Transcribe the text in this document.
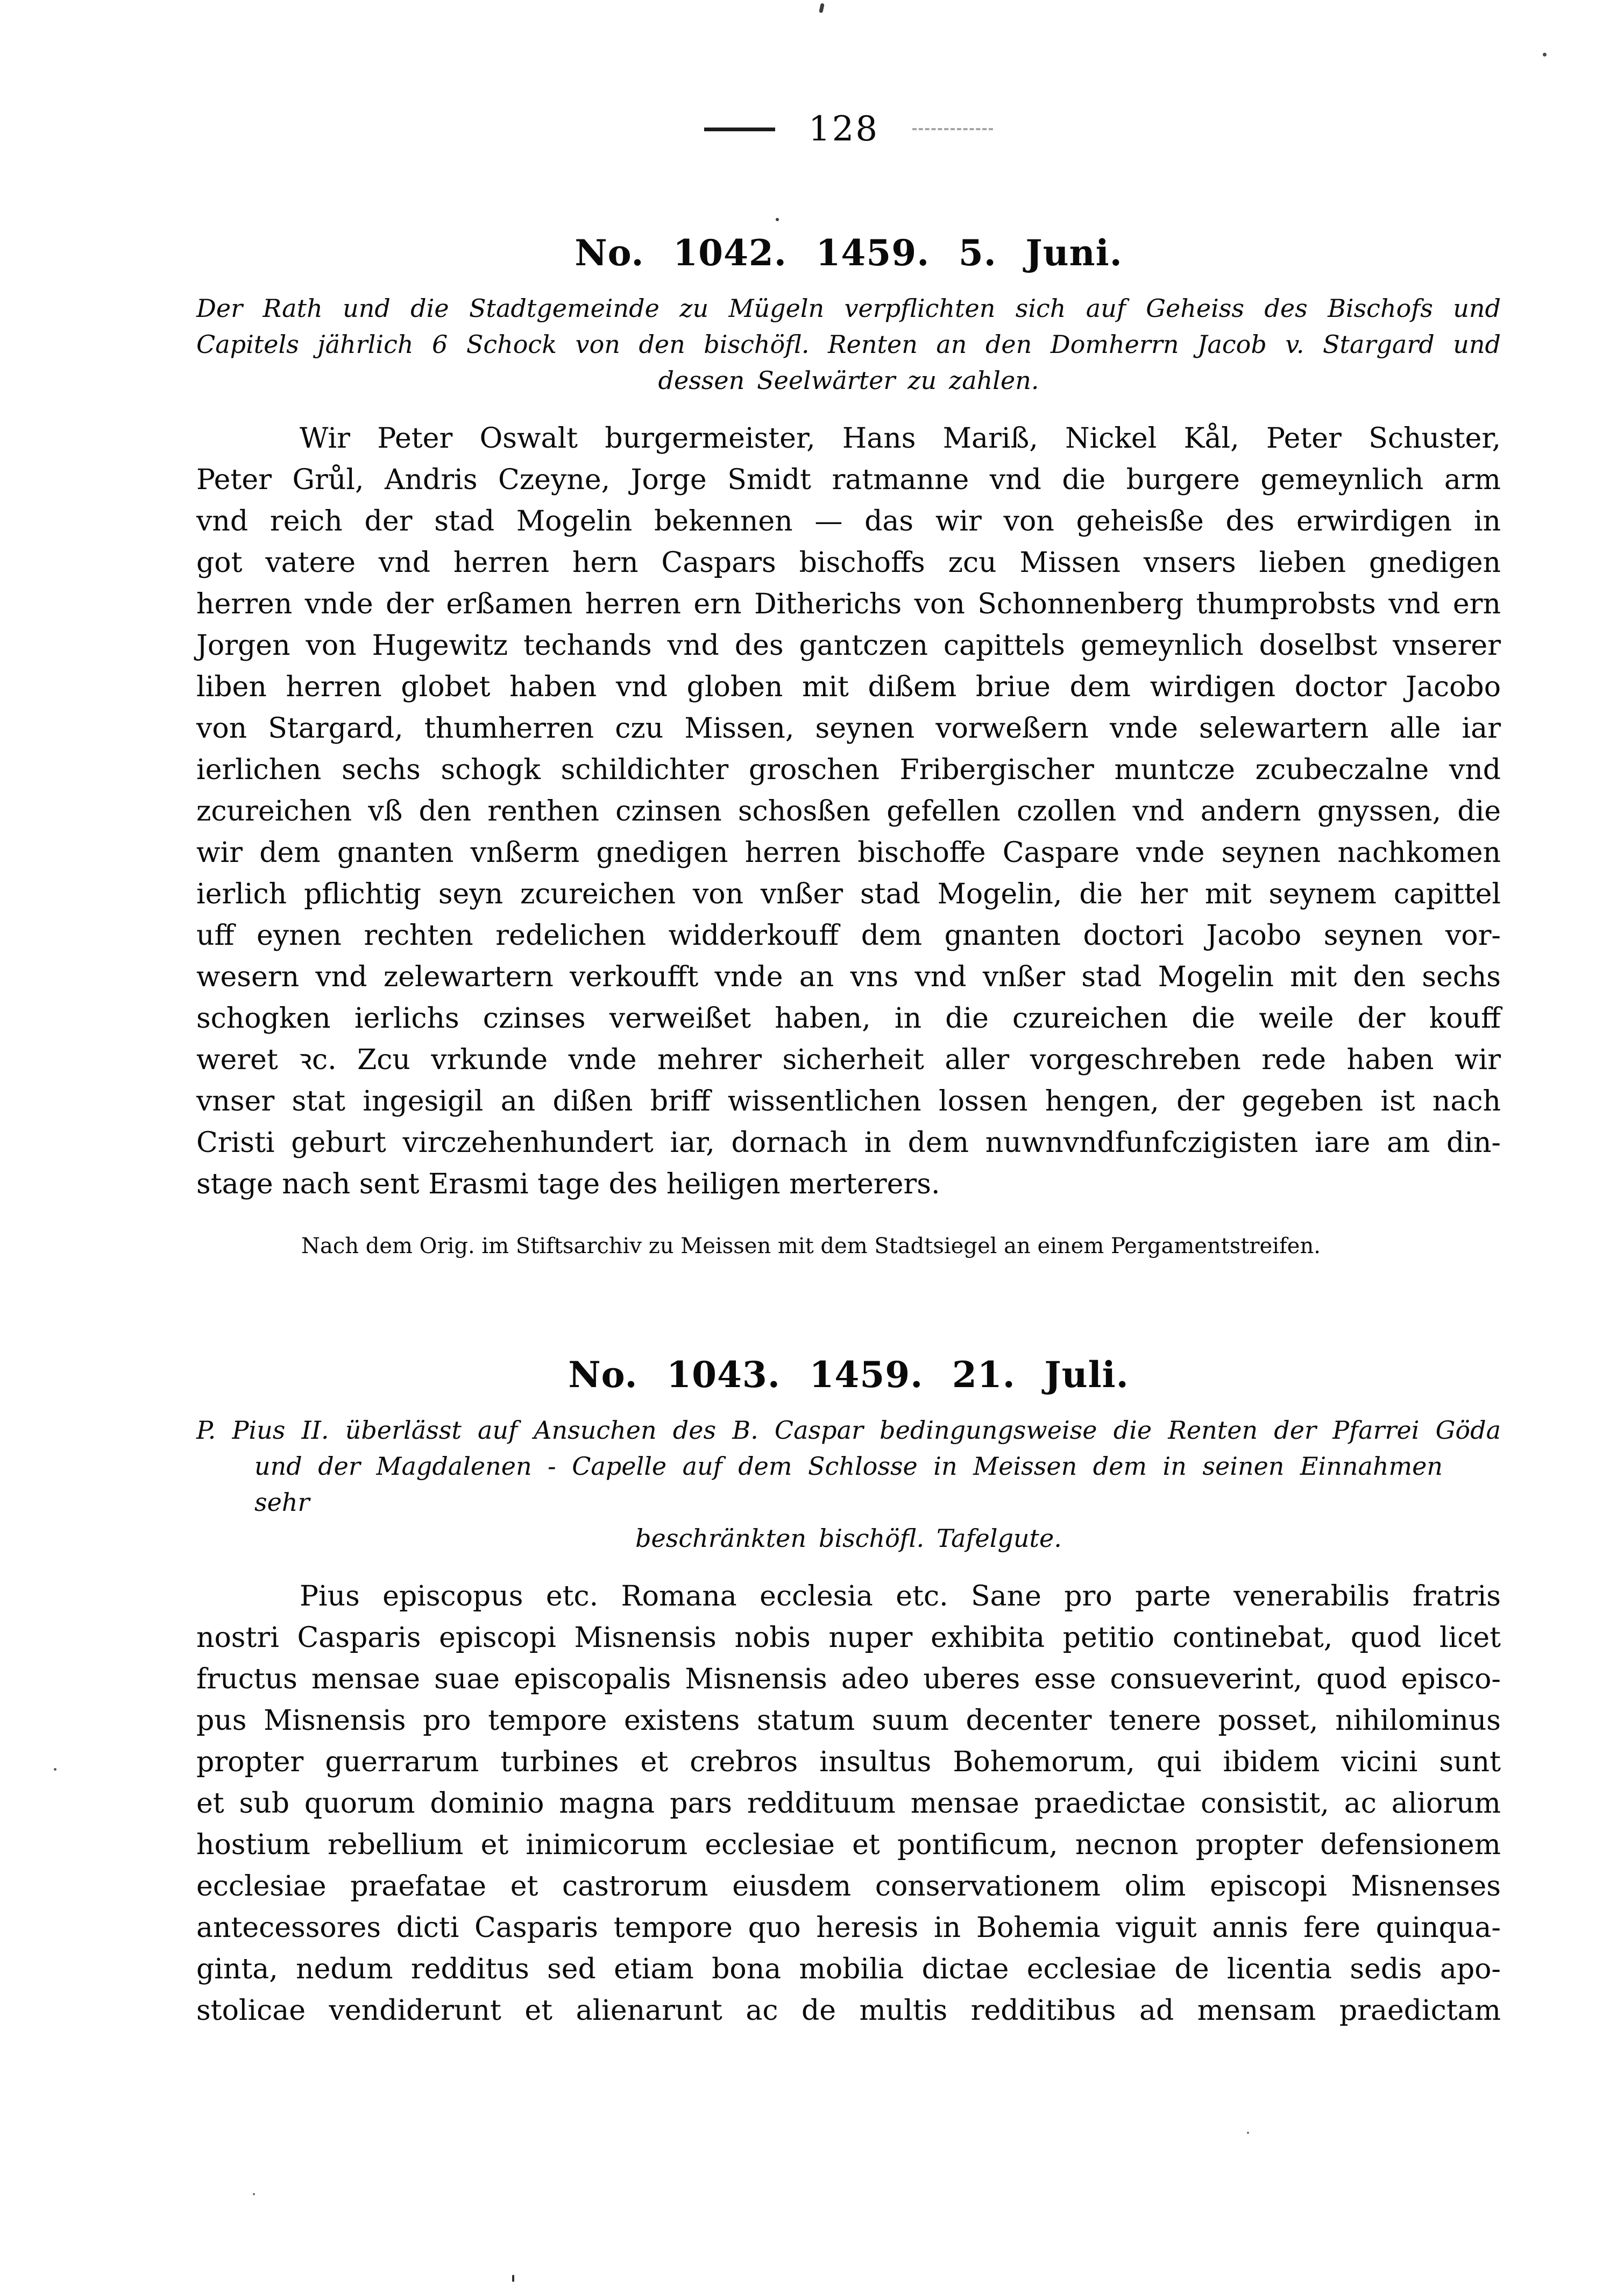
128
No. 1042. 1459. 5. Juni.
Der Rath und die Stadtgemeinde zu Mügeln verpflichten sich auf Geheiss des Bischofs und
Capitels jährlich 6 Schock von den bischöfl. Renten an den Domherrn Jacob v. Stargard und
dessen Seelwärter zu zahlen.
Wir Peter Oswalt burgermeister, Hans Mariß, Nickel Kål, Peter Schuster,
Peter Grůl, Andris Czeyne, Jorge Smidt ratmanne vnd die burgere gemeynlich arm
vnd reich der stad Mogelin bekennen — das wir von geheisße des erwirdigen in
got vatere vnd herren hern Caspars bischoffs zcu Missen vnsers lieben gnedigen
herren vnde der erßamen herren ern Ditherichs von Schonnenberg thumprobsts vnd ern
Jorgen von Hugewitz techands vnd des gantczen capittels gemeynlich doselbst vnserer
liben herren globet haben vnd globen mit dißem briue dem wirdigen doctor Jacobo
von Stargard, thumherren czu Missen, seynen vorweßern vnde selewartern alle iar
ierlichen sechs schogk schildichter groschen Fribergischer muntcze zcubeczalne vnd
zcureichen vß den renthen czinsen schosßen gefellen czollen vnd andern gnyssen, die
wir dem gnanten vnßerm gnedigen herren bischoffe Caspare vnde seynen nachkomen
ierlich pflichtig seyn zcureichen von vnßer stad Mogelin, die her mit seynem capittel
uff eynen rechten redelichen widderkouff dem gnanten doctori Jacobo seynen vor-
wesern vnd zelewartern verkoufft vnde an vns vnd vnßer stad Mogelin mit den sechs
schogken ierlichs czinses verweißet haben, in die czureichen die weile der kouff
weret ꝛc. Zcu vrkunde vnde mehrer sicherheit aller vorgeschreben rede haben wir
vnser stat ingesigil an dißen briff wissentlichen lossen hengen, der gegeben ist nach
Cristi geburt virczehenhundert iar, dornach in dem nuwnvndfunfczigisten iare am din-
stage nach sent Erasmi tage des heiligen merterers.

Nach dem Orig. im Stiftsarchiv zu Meissen mit dem Stadtsiegel an einem Pergamentstreifen.

No. 1043. 1459. 21. Juli.
P. Pius II. überlässt auf Ansuchen des B. Caspar bedingungsweise die Renten der Pfarrei Göda
und der Magdalenen - Capelle auf dem Schlosse in Meissen dem in seinen Einnahmen sehr
beschränkten bischöfl. Tafelgute.
Pius episcopus etc. Romana ecclesia etc. Sane pro parte venerabilis fratris
nostri Casparis episcopi Misnensis nobis nuper exhibita petitio continebat, quod licet
fructus mensae suae episcopalis Misnensis adeo uberes esse consueverint, quod episco-
pus Misnensis pro tempore existens statum suum decenter tenere posset, nihilominus
propter guerrarum turbines et crebros insultus Bohemorum, qui ibidem vicini sunt
et sub quorum dominio magna pars reddituum mensae praedictae consistit, ac aliorum
hostium rebellium et inimicorum ecclesiae et pontificum, necnon propter defensionem
ecclesiae praefatae et castrorum eiusdem conservationem olim episcopi Misnenses
antecessores dicti Casparis tempore quo heresis in Bohemia viguit annis fere quinqua-
ginta, nedum redditus sed etiam bona mobilia dictae ecclesiae de licentia sedis apo-
stolicae vendiderunt et alienarunt ac de multis redditibus ad mensam praedictam
